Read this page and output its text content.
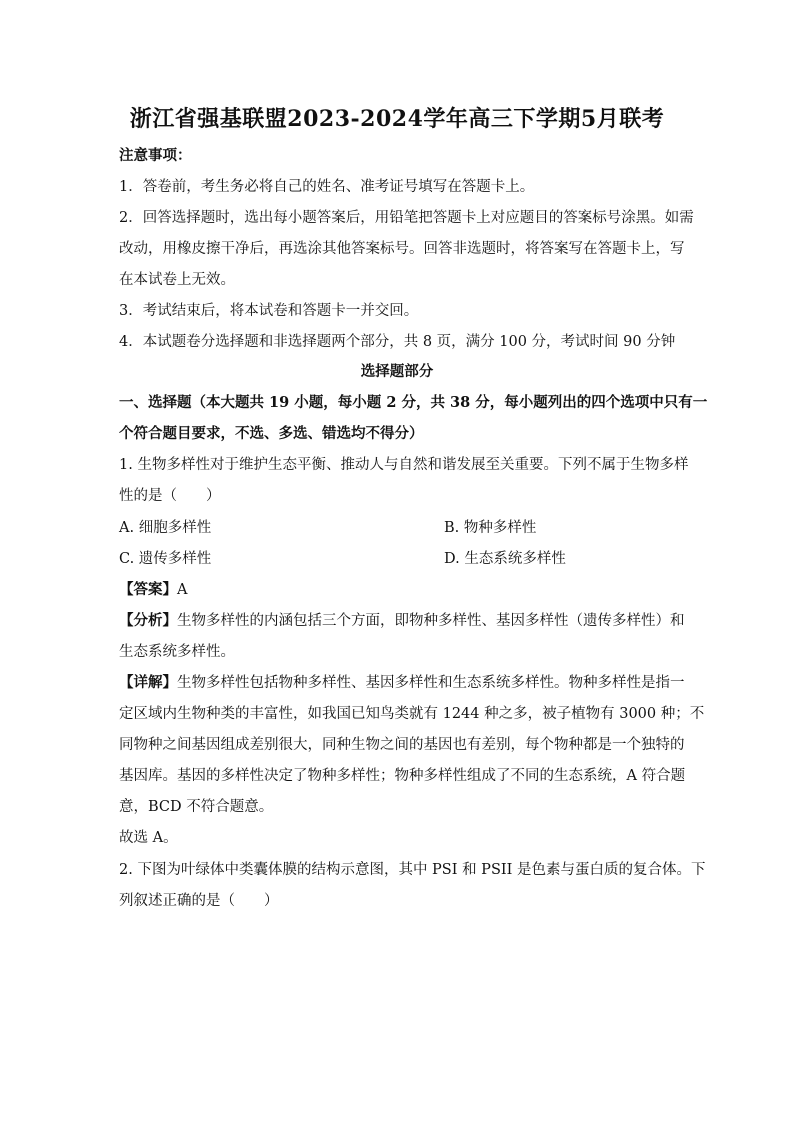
浙江省强基联盟2023-2024学年高三下学期5月联考
注意事项：
1．答卷前，考生务必将自己的姓名、准考证号填写在答题卡上。
2．回答选择题时，选出每小题答案后，用铅笔把答题卡上对应题目的答案标号涂黑。如需
改动，用橡皮擦干净后，再选涂其他答案标号。回答非选题时，将答案写在答题卡上，写
在本试卷上无效。
3．考试结束后，将本试卷和答题卡一并交回。
4．本试题卷分选择题和非选择题两个部分，共 8 页，满分 100 分，考试时间 90 分钟
选择题部分
一、选择题（本大题共 19 小题，每小题 2 分，共 38 分，每小题列出的四个选项中只有一
个符合题目要求，不选、多选、错选均不得分）
1. 生物多样性对于维护生态平衡、推动人与自然和谐发展至关重要。下列不属于生物多样
性的是（　　）
A. 细胞多样性	B. 物种多样性
C. 遗传多样性	D. 生态系统多样性
【答案】A
【分析】生物多样性的内涵包括三个方面，即物种多样性、基因多样性（遗传多样性）和
生态系统多样性。
【详解】生物多样性包括物种多样性、基因多样性和生态系统多样性。物种多样性是指一
定区域内生物种类的丰富性，如我国已知鸟类就有 1244 种之多，被子植物有 3000 种；不
同物种之间基因组成差别很大，同种生物之间的基因也有差别，每个物种都是一个独特的
基因库。基因的多样性决定了物种多样性；物种多样性组成了不同的生态系统，A 符合题
意，BCD 不符合题意。
故选 A。
2. 下图为叶绿体中类囊体膜的结构示意图，其中 PSI 和 PSII 是色素与蛋白质的复合体。下
列叙述正确的是（　　）
